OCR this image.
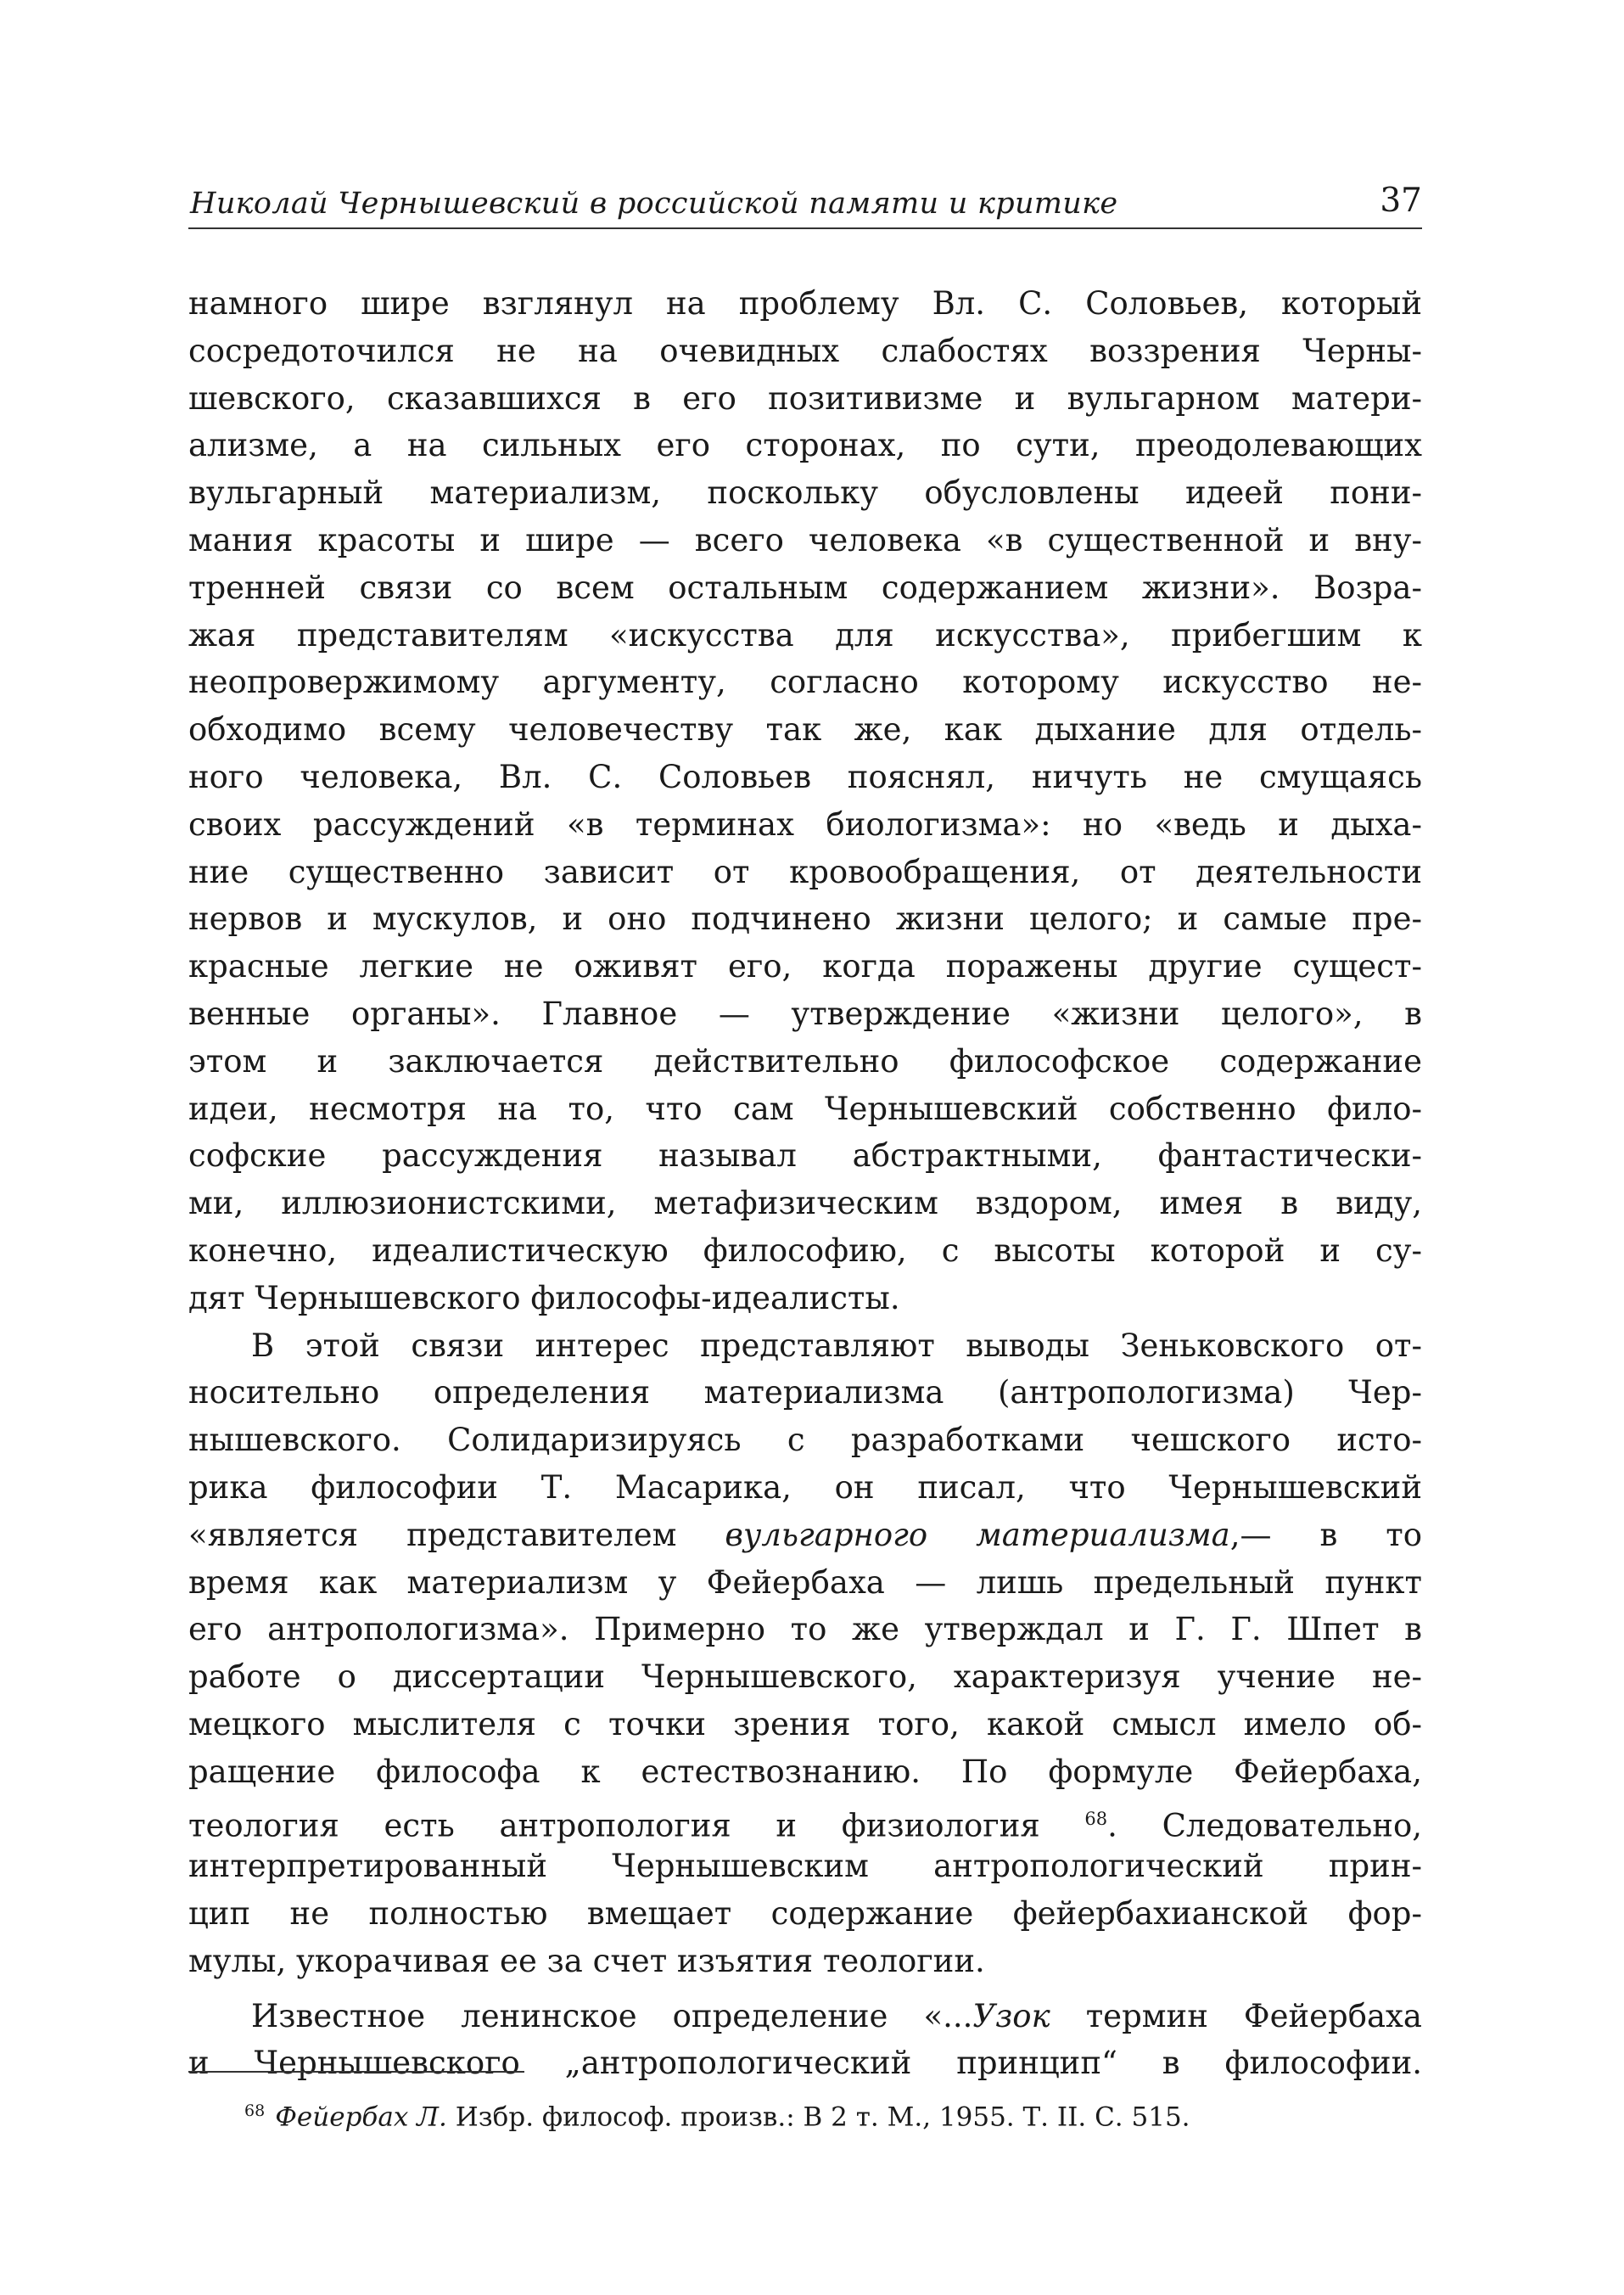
Николай Чернышевский в российской памяти и критике	37
намного шире взглянул на проблему Вл. С. Соловьев, который
сосредоточился не на очевидных слабостях воззрения Черны-
шевского, сказавшихся в его позитивизме и вульгарном матери-
ализме, а на сильных его сторонах, по сути, преодолевающих
вульгарный материализм, поскольку обусловлены идеей пони-
мания красоты и шире — всего человека «в существенной и вну-
тренней связи со всем остальным содержанием жизни». Возра-
жая представителям «искусства для искусства», прибегшим к
неопровержимому аргументу, согласно которому искусство не-
обходимо всему человечеству так же, как дыхание для отдель-
ного человека, Вл. С. Соловьев пояснял, ничуть не смущаясь
своих рассуждений «в терминах биологизма»: но «ведь и дыха-
ние существенно зависит от кровообращения, от деятельности
нервов и мускулов, и оно подчинено жизни целого; и самые пре-
красные легкие не оживят его, когда поражены другие сущест-
венные органы». Главное — утверждение «жизни целого», в
этом и заключается действительно философское содержание
идеи, несмотря на то, что сам Чернышевский собственно фило-
софские рассуждения называл абстрактными, фантастически-
ми, иллюзионистскими, метафизическим вздором, имея в виду,
конечно, идеалистическую философию, с высоты которой и су-
дят Чернышевского философы-идеалисты.
В этой связи интерес представляют выводы Зеньковского от-
носительно определения материализма (антропологизма) Чер-
нышевского. Солидаризируясь с разработками чешского исто-
рика философии Т. Масарика, он писал, что Чернышевский
«является представителем вульгарного материализма,— в то
время как материализм у Фейербаха — лишь предельный пункт
его антропологизма». Примерно то же утверждал и Г. Г. Шпет в
работе о диссертации Чернышевского, характеризуя учение не-
мецкого мыслителя с точки зрения того, какой смысл имело об-
ращение философа к естествознанию. По формуле Фейербаха,
теология есть антропология и физиология $^{68}$. Следовательно,
интерпретированный Чернышевским антропологический прин-
цип не полностью вмещает содержание фейербахианской фор-
мулы, укорачивая ее за счет изъятия теологии.
Известное ленинское определение «...Узок термин Фейербаха
и Чернышевского „антропологический принцип“ в философии.
$^{68}$ Фейербах Л. Избр. философ. произв.: В 2 т. М., 1955. Т. II. С. 515.
